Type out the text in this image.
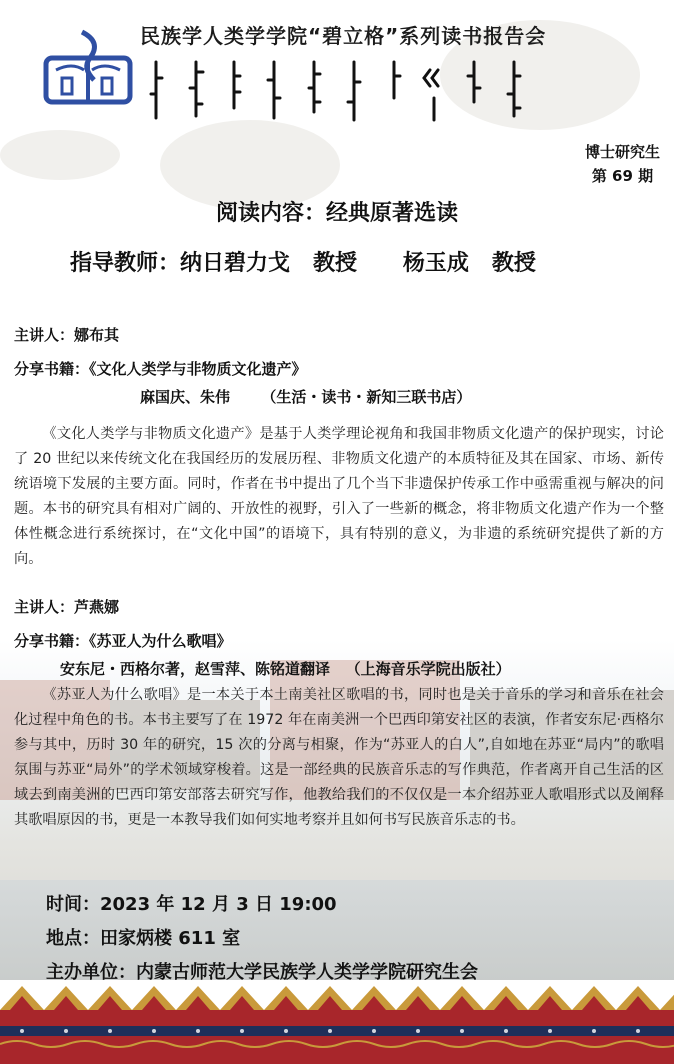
民族学人类学学院“碧立格”系列读书报告会
博士研究生
第 69 期
阅读内容：经典原著选读
指导教师：纳日碧力戈   教授      杨玉成   教授
主讲人：娜布其
分享书籍：《文化人类学与非物质文化遗产》
麻国庆、朱伟      （生活・读书・新知三联书店）
《文化人类学与非物质文化遗产》是基于人类学理论视角和我国非物质文化遗产的保护现实，讨论了 20 世纪以来传统文化在我国经历的发展历程、非物质文化遗产的本质特征及其在国家、市场、新传统语境下发展的主要方面。同时，作者在书中提出了几个当下非遗保护传承工作中亟需重视与解决的问题。本书的研究具有相对广阔的、开放性的视野，引入了一些新的概念，将非物质文化遗产作为一个整体性概念进行系统探讨，在“文化中国”的语境下，具有特别的意义，为非遗的系统研究提供了新的方向。
主讲人：芦燕娜
分享书籍：《苏亚人为什么歌唱》
安东尼・西格尔著，赵雪萍、陈铭道翻译   （上海音乐学院出版社）
《苏亚人为什么歌唱》是一本关于本土南美社区歌唱的书，同时也是关于音乐的学习和音乐在社会化过程中角色的书。本书主要写了在 1972 年在南美洲一个巴西印第安社区的表演，作者安东尼·西格尔参与其中，历时 30 年的研究，15 次的分离与相聚，作为“苏亚人的白人”,自如地在苏亚“局内”的歌唱氛围与苏亚“局外”的学术领域穿梭着。这是一部经典的民族音乐志的写作典范，作者离开自己生活的区域去到南美洲的巴西印第安部落去研究写作，他教给我们的不仅仅是一本介绍苏亚人歌唱形式以及阐释其歌唱原因的书，更是一本教导我们如何实地考察并且如何书写民族音乐志的书。
时间：2023 年 12 月 3 日 19:00
地点：田家炳楼 611 室
主办单位：内蒙古师范大学民族学人类学学院研究生会
